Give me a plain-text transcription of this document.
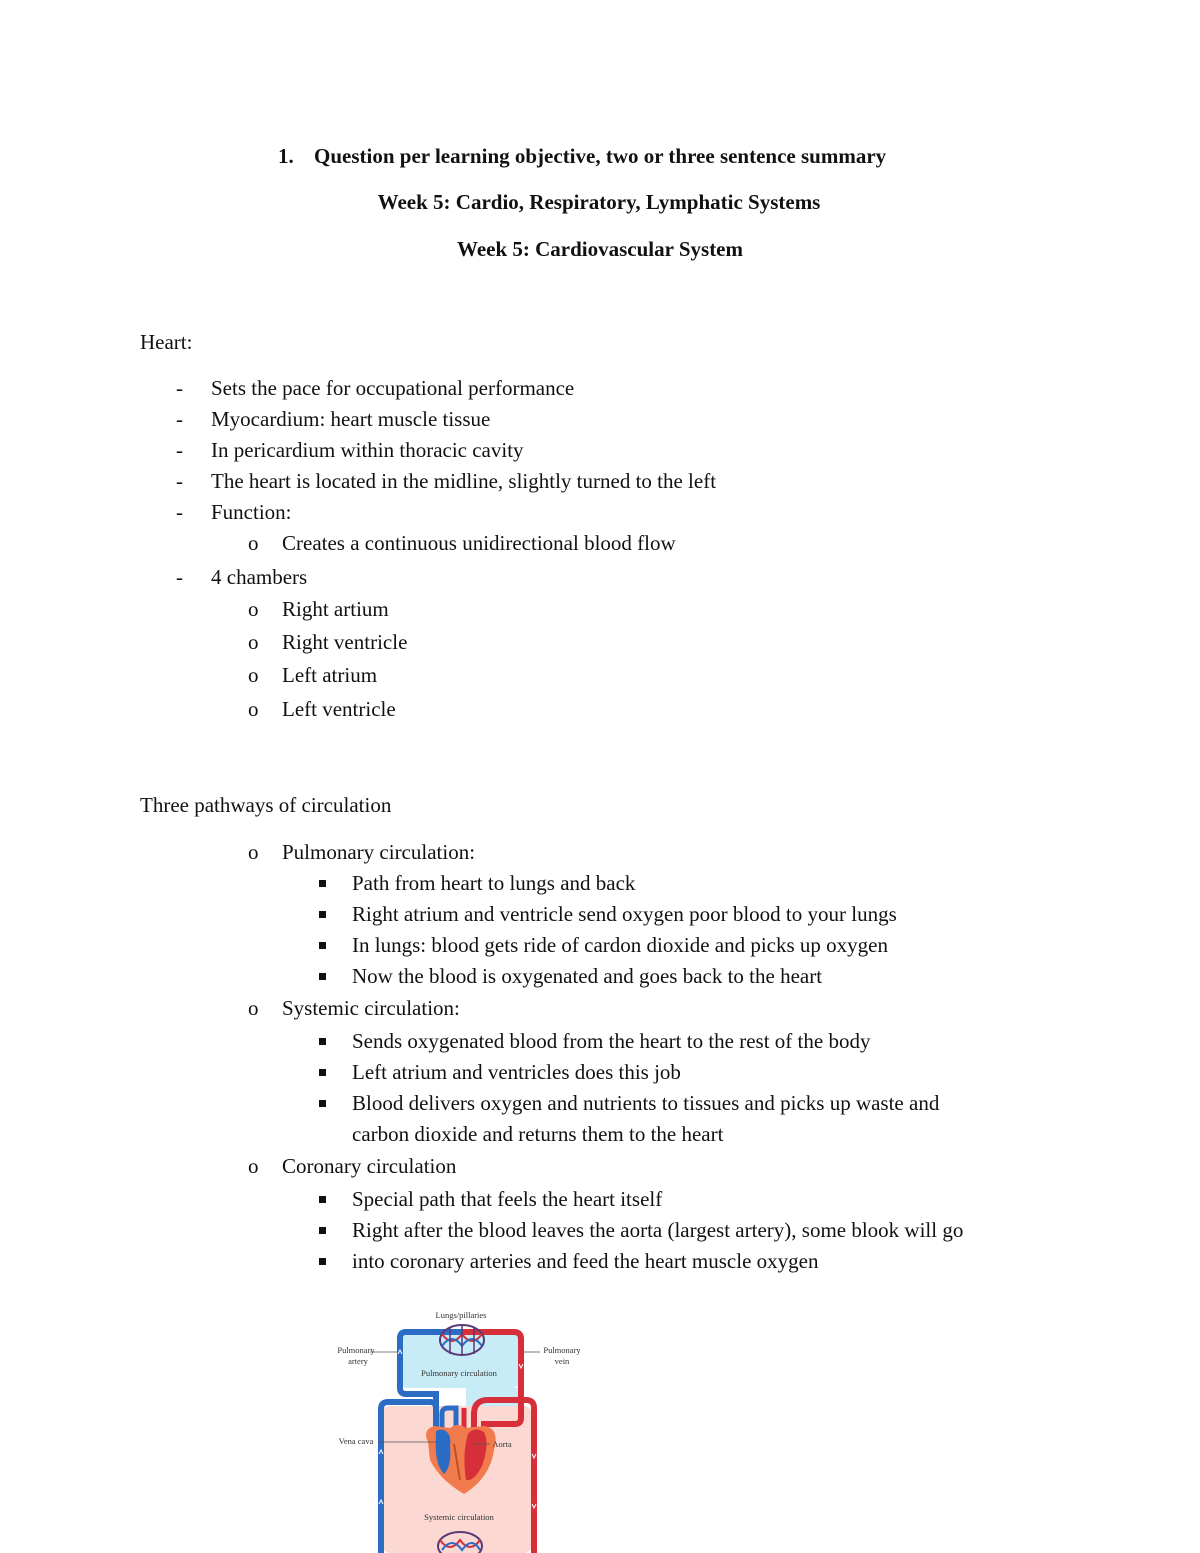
1. Question per learning objective, two or three sentence summary
Week 5: Cardio, Respiratory, Lymphatic Systems
Week 5: Cardiovascular System
Heart:
- Sets the pace for occupational performance
- Myocardium: heart muscle tissue
- In pericardium within thoracic cavity
- The heart is located in the midline, slightly turned to the left
- Function:
o Creates a continuous unidirectional blood flow
- 4 chambers
o Right artium
o Right ventricle
o Left atrium
o Left ventricle
Three pathways of circulation
o Pulmonary circulation:
Path from heart to lungs and back
Right atrium and ventricle send oxygen poor blood to your lungs
In lungs: blood gets ride of cardon dioxide and picks up oxygen
Now the blood is oxygenated and goes back to the heart
o Systemic circulation:
Sends oxygenated blood from the heart to the rest of the body
Left atrium and ventricles does this job
Blood delivers oxygen and nutrients to tissues and picks up waste and
carbon dioxide and returns them to the heart
o Coronary circulation
Special path that feels the heart itself
Right after the blood leaves the aorta (largest artery), some blook will go
into coronary arteries and feed the heart muscle oxygen
Lungs/pillaries
Pulmonary
artery
Pulmonary
vein
Pulmonary circulation
Vena cava	Aorta
Systemic circulation
